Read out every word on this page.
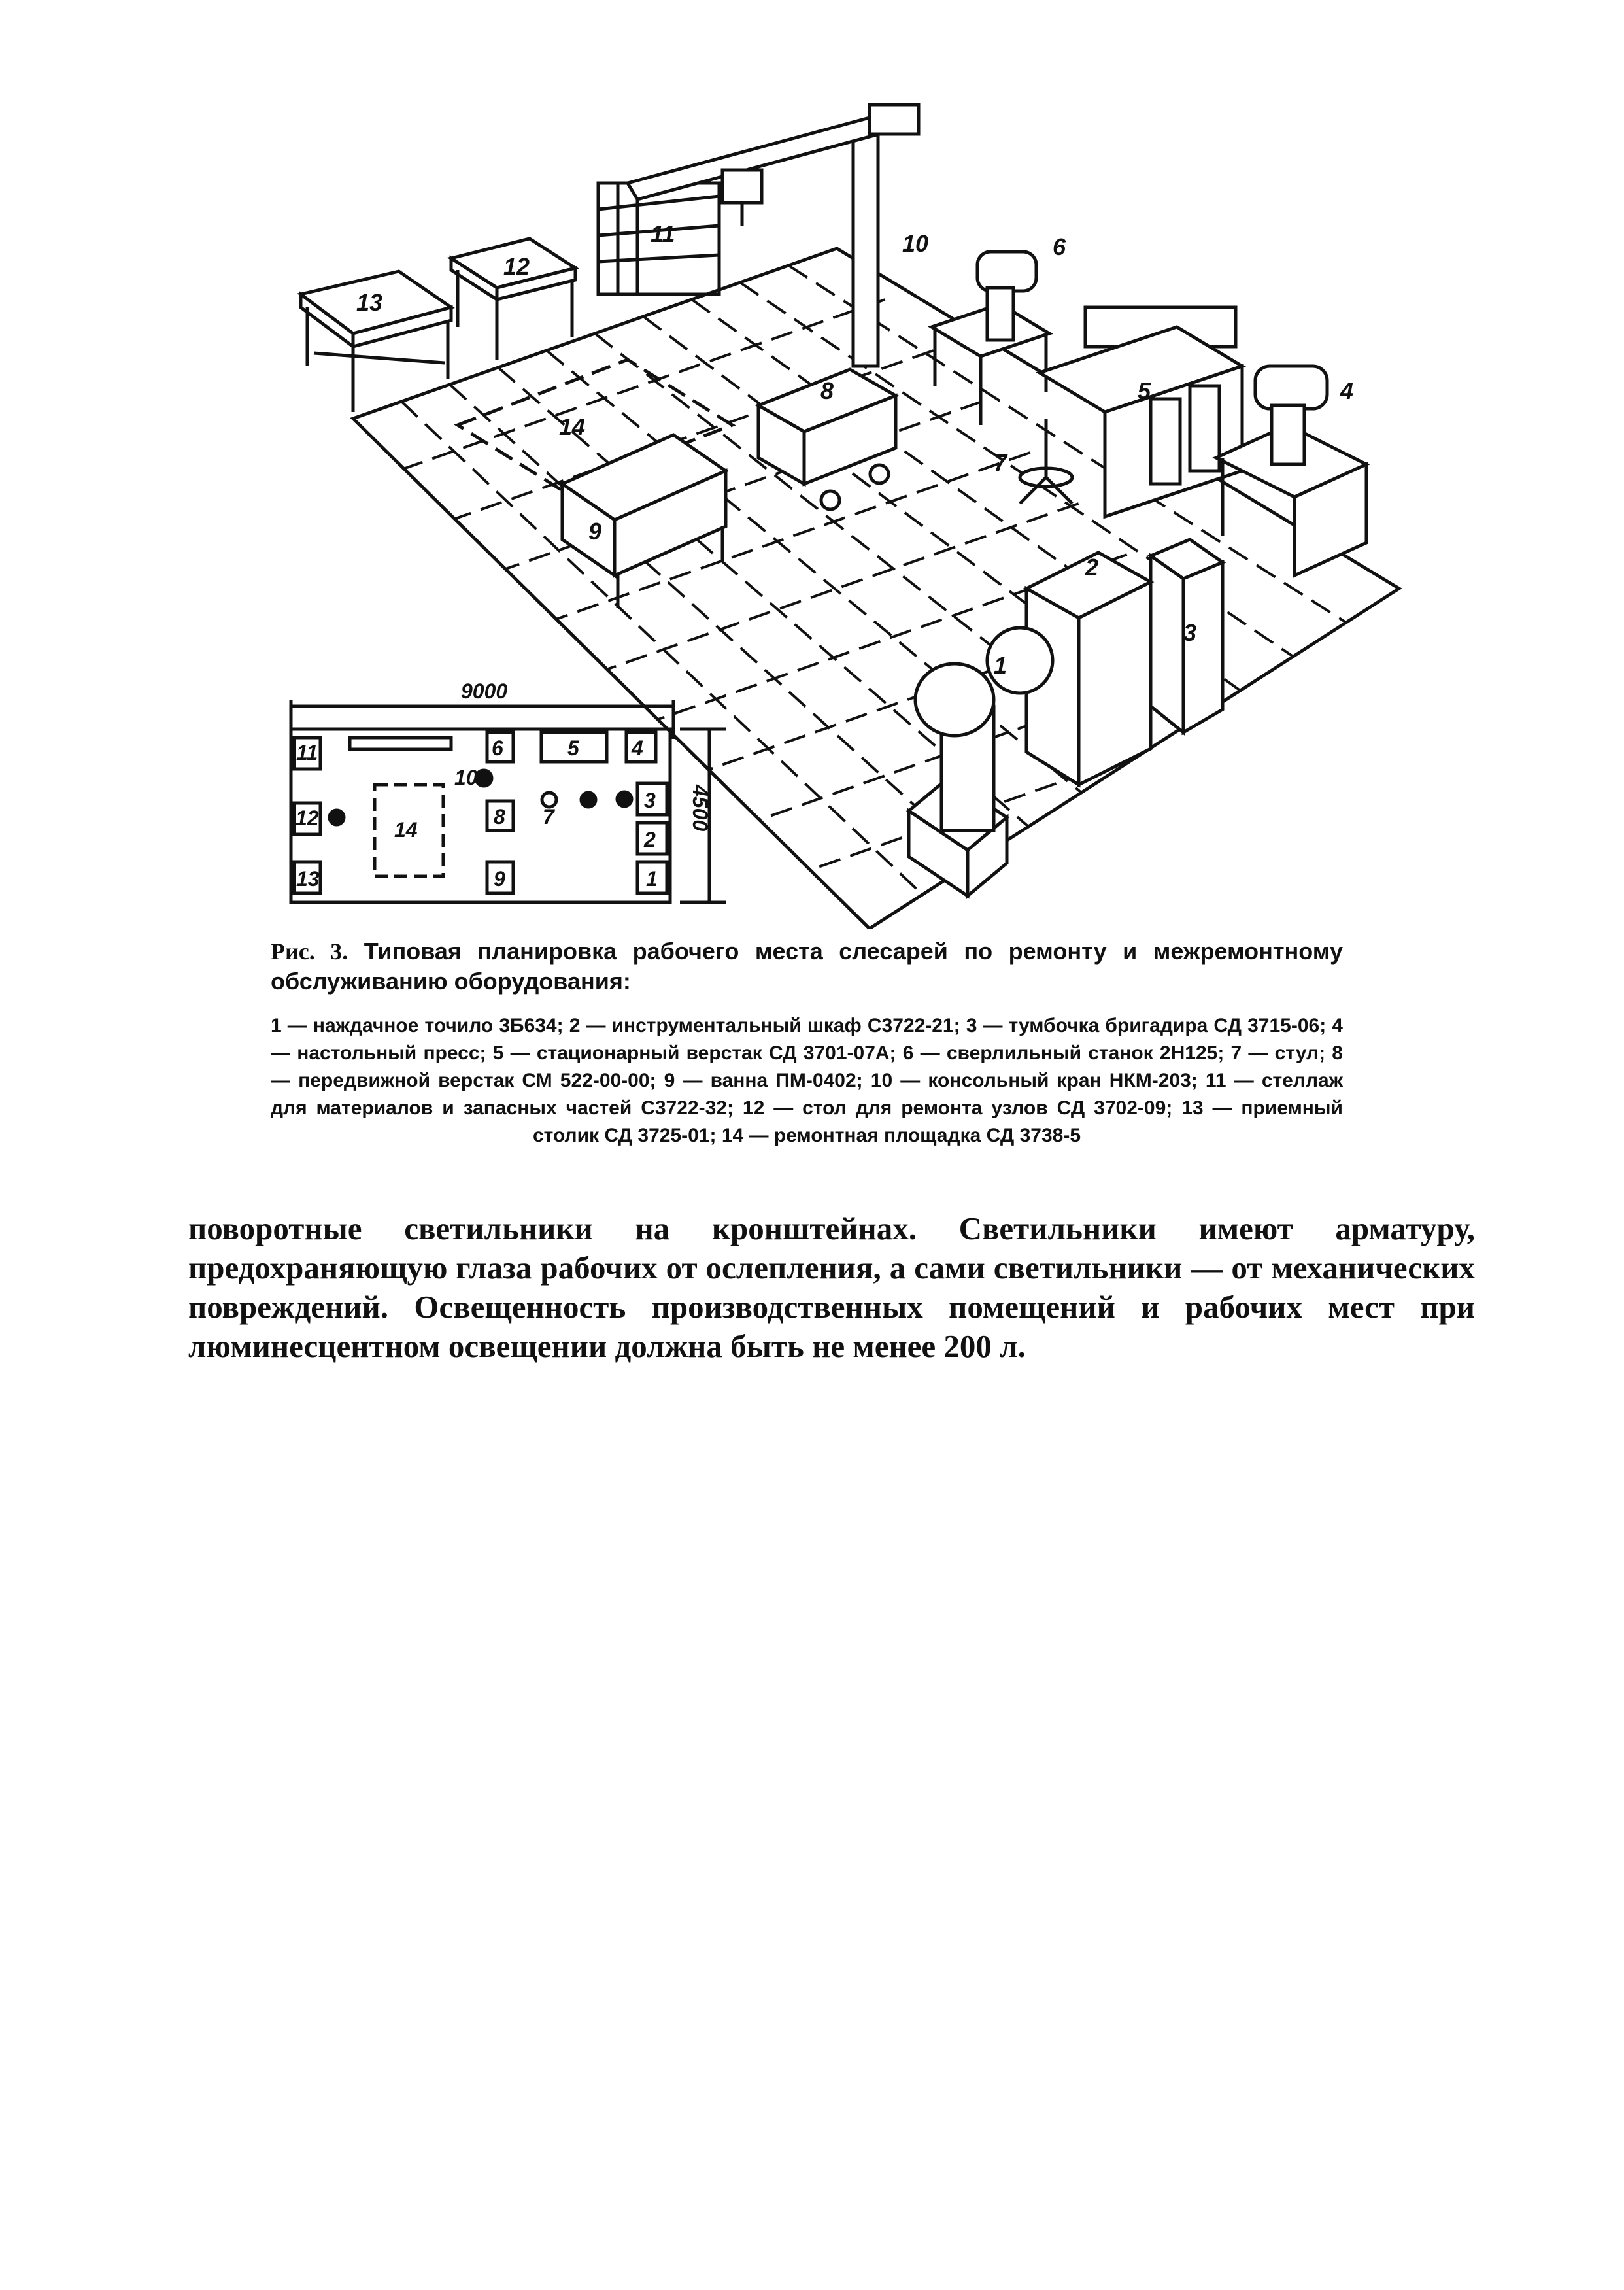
1
2
3
4
5
6
7
8
9
10
11
12
13
14
9000
4500
11	6	5	4
10
7
12	8
3
14	2
13	9	1
Рис. 3. Типовая планировка рабочего места слесарей по ремонту и межремонтному обслуживанию оборудования:
1 — наждачное точило 3Б634; 2 — инструментальный шкаф С3722-21; 3 — тумбочка бригадира СД 3715-06; 4 — настольный пресс; 5 — стационарный верстак СД 3701-07А; 6 — сверлильный станок 2Н125; 7 — стул; 8 — передвижной верстак СМ 522-00-00; 9 — ванна ПМ-0402; 10 — консольный кран НКМ-203; 11 — стеллаж для материалов и запасных частей С3722-32; 12 — стол для ремонта узлов СД 3702-09; 13 — приемный столик СД 3725-01; 14 — ремонтная площадка СД 3738-5

поворотные светильники на кронштейнах. Светильники имеют арматуру, предохраняющую глаза рабочих от ослепления, а сами светильники — от механических повреждений. Освещенность производственных помещений и рабочих мест при люминесцентном освещении должна быть не менее 200 л.
